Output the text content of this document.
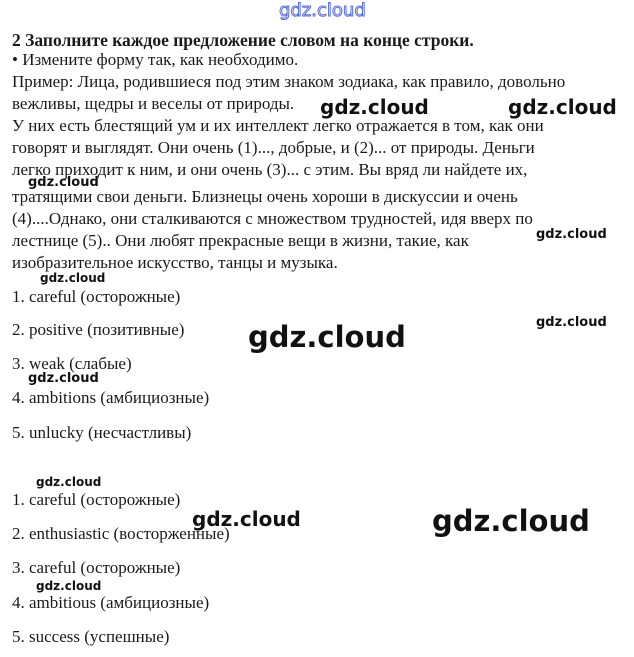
gdz.cloud
2 Заполните каждое предложение словом на конце строки.
• Измените форму так, как необходимо.
Пример: Лица, родившиеся под этим знаком зодиака, как правило, довольно
вежливы, щедры и веселы от природы.
У них есть блестящий ум и их интеллект легко отражается в том, как они
говорят и выглядят. Они очень (1)..., добрые, и (2)... от природы. Деньги
легко приходит к ним, и они очень (3)... с этим. Вы вряд ли найдете их,
тратящими свои деньги. Близнецы очень хороши в дискуссии и очень
(4)....Однако, они сталкиваются с множеством трудностей, идя вверх по
лестнице (5).. Они любят прекрасные вещи в жизни, такие, как
изобразительное искусство, танцы и музыка.
1. careful (осторожные)
2. positive (позитивные)
3. weak (слабые)
4. ambitions (амбициозные)
5. unlucky (несчастливы)
1. careful (осторожные)
2. enthusiastic (восторженные)
3. careful (осторожные)
4. ambitious (амбициозные)
5. success (успешные)
gdz.cloud	gdz.cloud
gdz.cloud
gdz.cloud
gdz.cloud
gdz.cloud	gdz.cloud
gdz.cloud
gdz.cloud
gdz.cloud	gdz.cloud
gdz.cloud
